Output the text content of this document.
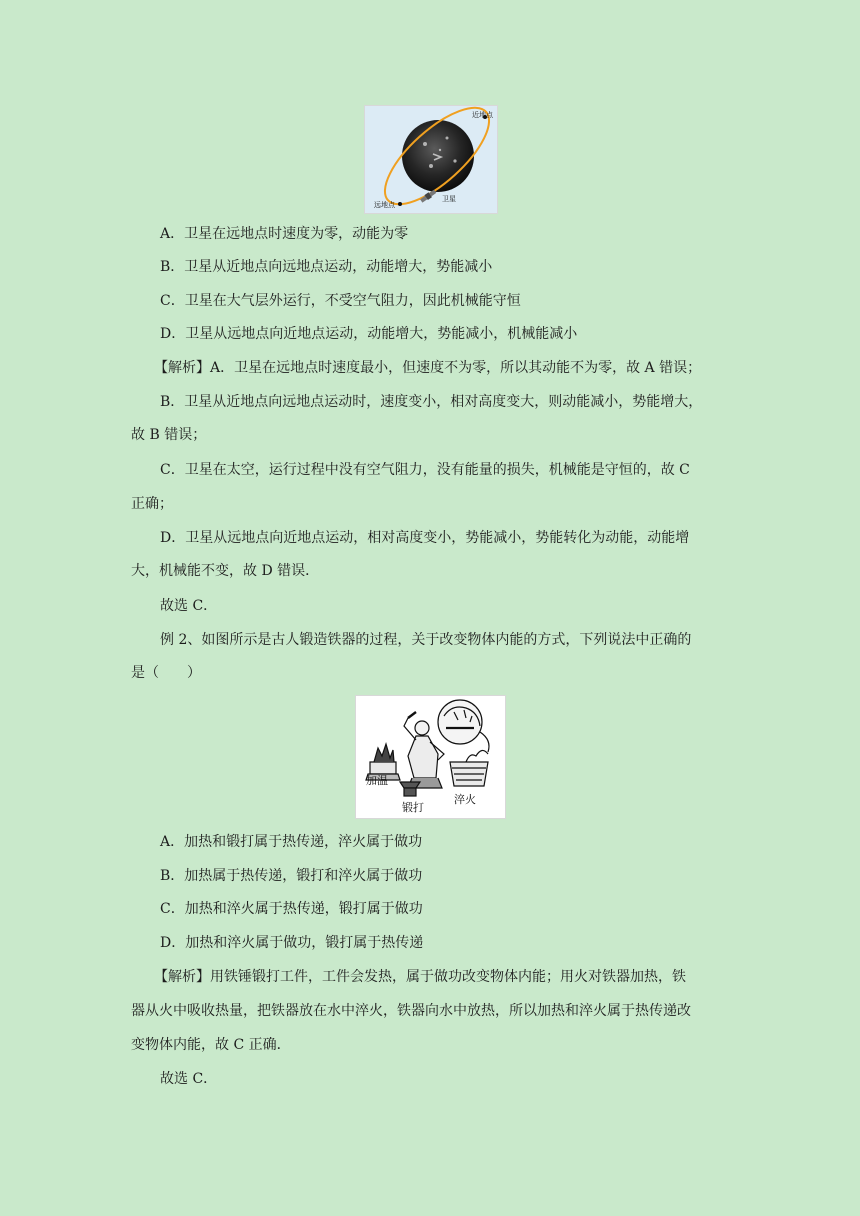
近地点
远地点
卫星
A．卫星在远地点时速度为零，动能为零
B．卫星从近地点向远地点运动，动能增大，势能减小
C．卫星在大气层外运行，不受空气阻力，因此机械能守恒
D．卫星从远地点向近地点运动，动能增大，势能减小，机械能减小
【解析】A．卫星在远地点时速度最小，但速度不为零，所以其动能不为零，故 A 错误；
B．卫星从近地点向远地点运动时，速度变小，相对高度变大，则动能减小，势能增大，
故 B 错误；
C．卫星在太空，运行过程中没有空气阻力，没有能量的损失，机械能是守恒的，故 C
正确；
D．卫星从远地点向近地点运动，相对高度变小，势能减小，势能转化为动能，动能增
大，机械能不变，故 D 错误．
故选 C．
例 2、如图所示是古人锻造铁器的过程，关于改变物体内能的方式，下列说法中正确的
是（　　）
加温
锻打
淬火
A．加热和锻打属于热传递，淬火属于做功
B．加热属于热传递，锻打和淬火属于做功
C．加热和淬火属于热传递，锻打属于做功
D．加热和淬火属于做功，锻打属于热传递
【解析】用铁锤锻打工件，工件会发热，属于做功改变物体内能；用火对铁器加热，铁
器从火中吸收热量，把铁器放在水中淬火，铁器向水中放热，所以加热和淬火属于热传递改
变物体内能，故 C 正确．
故选 C．
